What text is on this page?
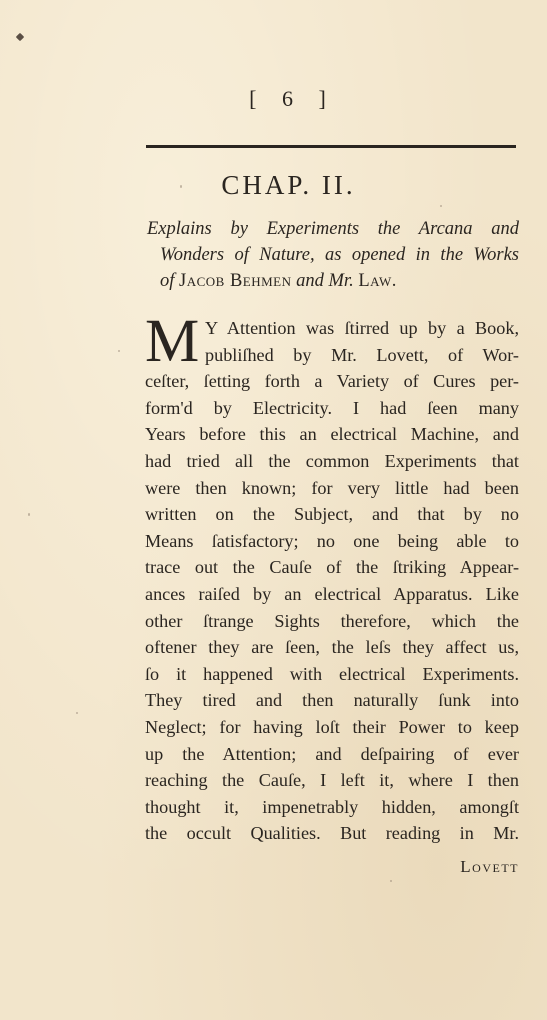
[ 6 ]
CHAP. II.
Explains by Experiments the Arcana and
Wonders of Nature, as opened in the Works
of Jacob Behmen and Mr. Law.
M Y Attention was ſtirred up by a Book,
publiſhed by Mr. Lovett, of Wor-
ceſter, ſetting forth a Variety of Cures per-
form'd by Electricity. I had ſeen many
Years before this an electrical Machine, and
had tried all the common Experiments that
were then known; for very little had been
written on the Subject, and that by no
Means ſatisfactory; no one being able to
trace out the Cauſe of the ſtriking Appear-
ances raiſed by an electrical Apparatus. Like
other ſtrange Sights therefore, which the
oftener they are ſeen, the leſs they affect us,
ſo it happened with electrical Experiments.
They tired and then naturally ſunk into
Neglect; for having loſt their Power to keep
up the Attention; and deſpairing of ever
reaching the Cauſe, I left it, where I then
thought it, impenetrably hidden, amongſt
the occult Qualities. But reading in Mr.
Lovett
